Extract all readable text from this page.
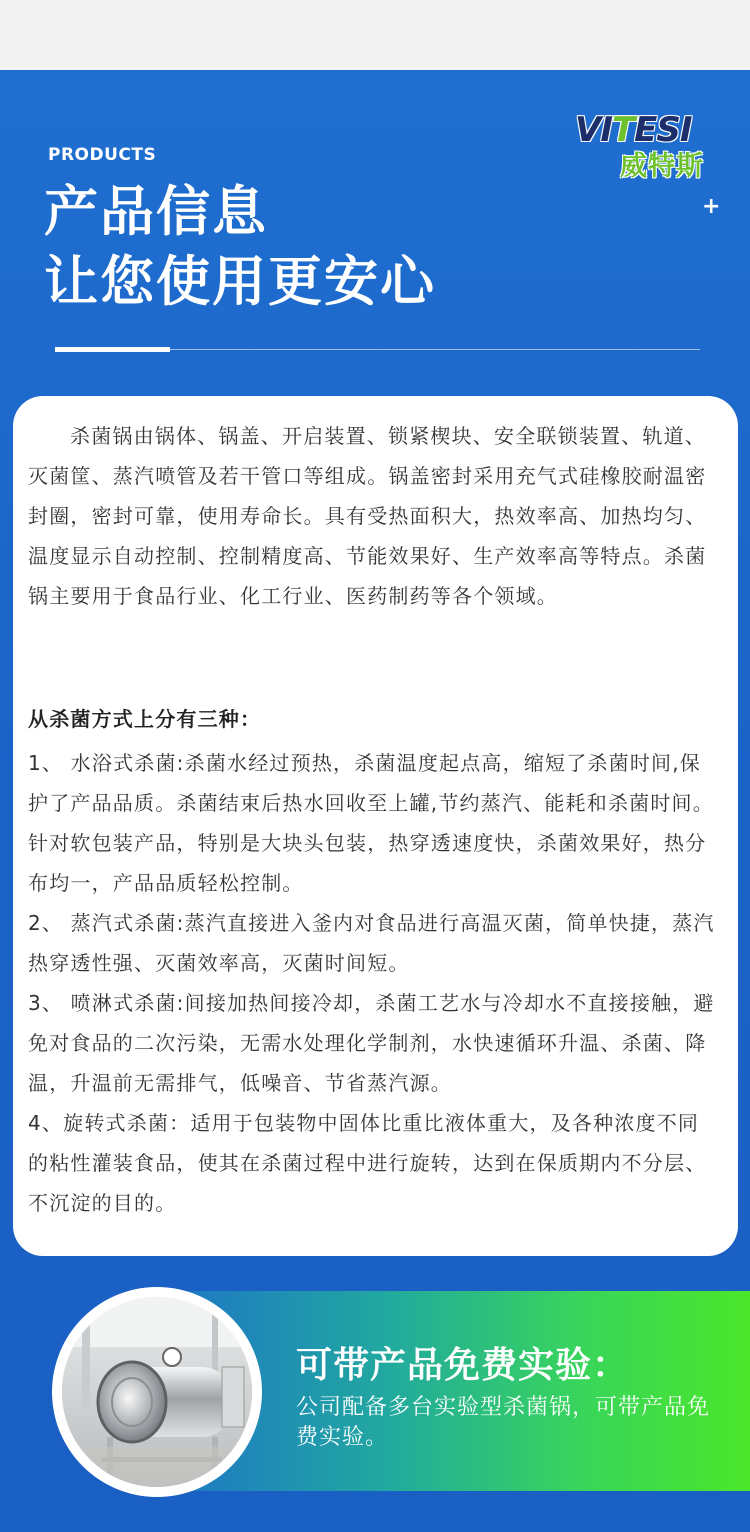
VITESI
威特斯
PRODUCTS
产品信息
让您使用更安心
+

杀菌锅由锅体、锅盖、开启装置、锁紧楔块、安全联锁装置、轨道、灭菌筐、蒸汽喷管及若干管口等组成。锅盖密封采用充气式硅橡胶耐温密封圈，密封可靠，使用寿命长。具有受热面积大，热效率高、加热均匀、温度显示自动控制、控制精度高、节能效果好、生产效率高等特点。杀菌锅主要用于食品行业、化工行业、医药制药等各个领域。

从杀菌方式上分有三种：
1、 水浴式杀菌:杀菌水经过预热，杀菌温度起点高，缩短了杀菌时间,保护了产品品质。杀菌结束后热水回收至上罐,节约蒸汽、能耗和杀菌时间。针对软包装产品，特别是大块头包装，热穿透速度快，杀菌效果好，热分布均一，产品品质轻松控制。
2、 蒸汽式杀菌:蒸汽直接进入釜内对食品进行高温灭菌，简单快捷，蒸汽热穿透性强、灭菌效率高，灭菌时间短。
3、 喷淋式杀菌:间接加热间接冷却，杀菌工艺水与冷却水不直接接触，避免对食品的二次污染，无需水处理化学制剂，水快速循环升温、杀菌、降温，升温前无需排气，低噪音、节省蒸汽源。
4、旋转式杀菌：适用于包装物中固体比重比液体重大，及各种浓度不同的粘性灌装食品，使其在杀菌过程中进行旋转，达到在保质期内不分层、不沉淀的目的。
可带产品免费实验：
公司配备多台实验型杀菌锅，可带产品免费实验。
